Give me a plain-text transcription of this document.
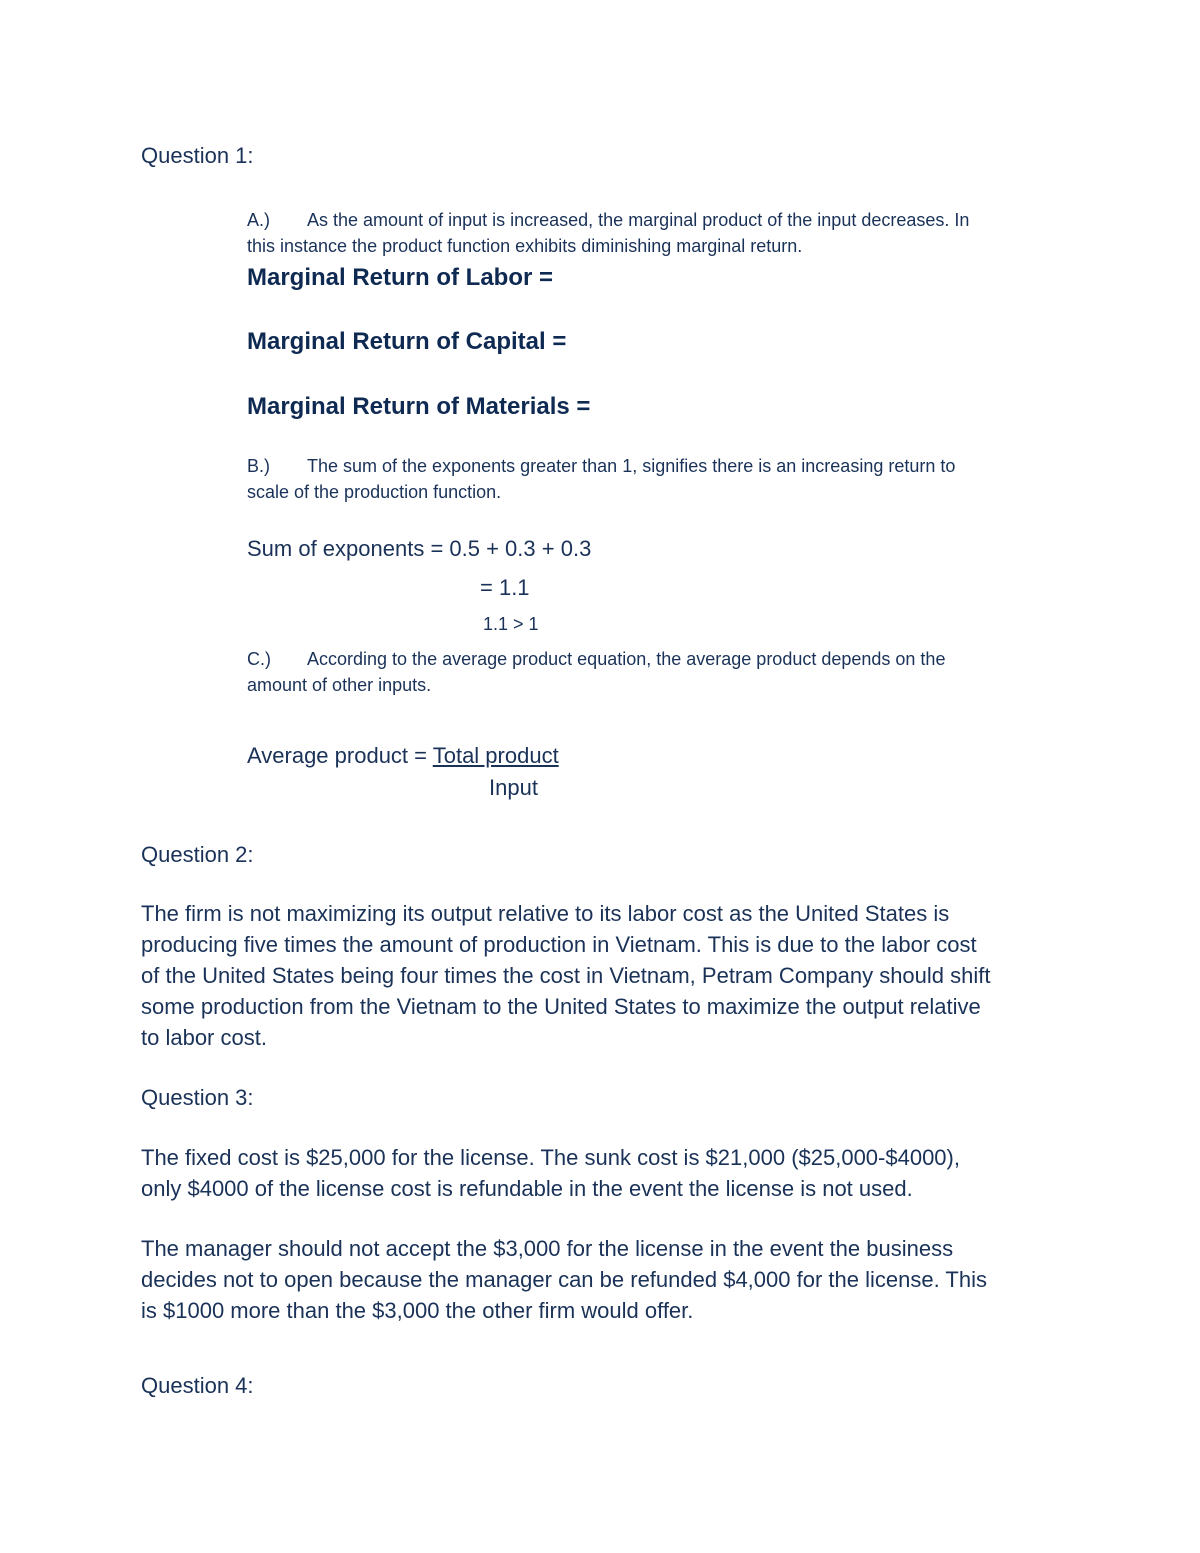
Question 1:

A.) As the amount of input is increased, the marginal product of the input decreases. In

this instance the product function exhibits diminishing marginal return.

Marginal Return of Labor =

Marginal Return of Capital =

Marginal Return of Materials =

B.) The sum of the exponents greater than 1, signifies there is an increasing return to

scale of the production function.

Sum of exponents = 0.5 + 0.3 + 0.3

= 1.1

1.1 > 1

C.) According to the average product equation, the average product depends on the

amount of other inputs.

Average product = Total product

Input

Question 2:

The firm is not maximizing its output relative to its labor cost as the United States is

producing five times the amount of production in Vietnam. This is due to the labor cost

of the United States being four times the cost in Vietnam, Petram Company should shift

some production from the Vietnam to the United States to maximize the output relative

to labor cost.

Question 3:

The fixed cost is $25,000 for the license. The sunk cost is $21,000 ($25,000-$4000),

only $4000 of the license cost is refundable in the event the license is not used.

The manager should not accept the $3,000 for the license in the event the business

decides not to open because the manager can be refunded $4,000 for the license. This

is $1000 more than the $3,000 the other firm would offer.

Question 4:
